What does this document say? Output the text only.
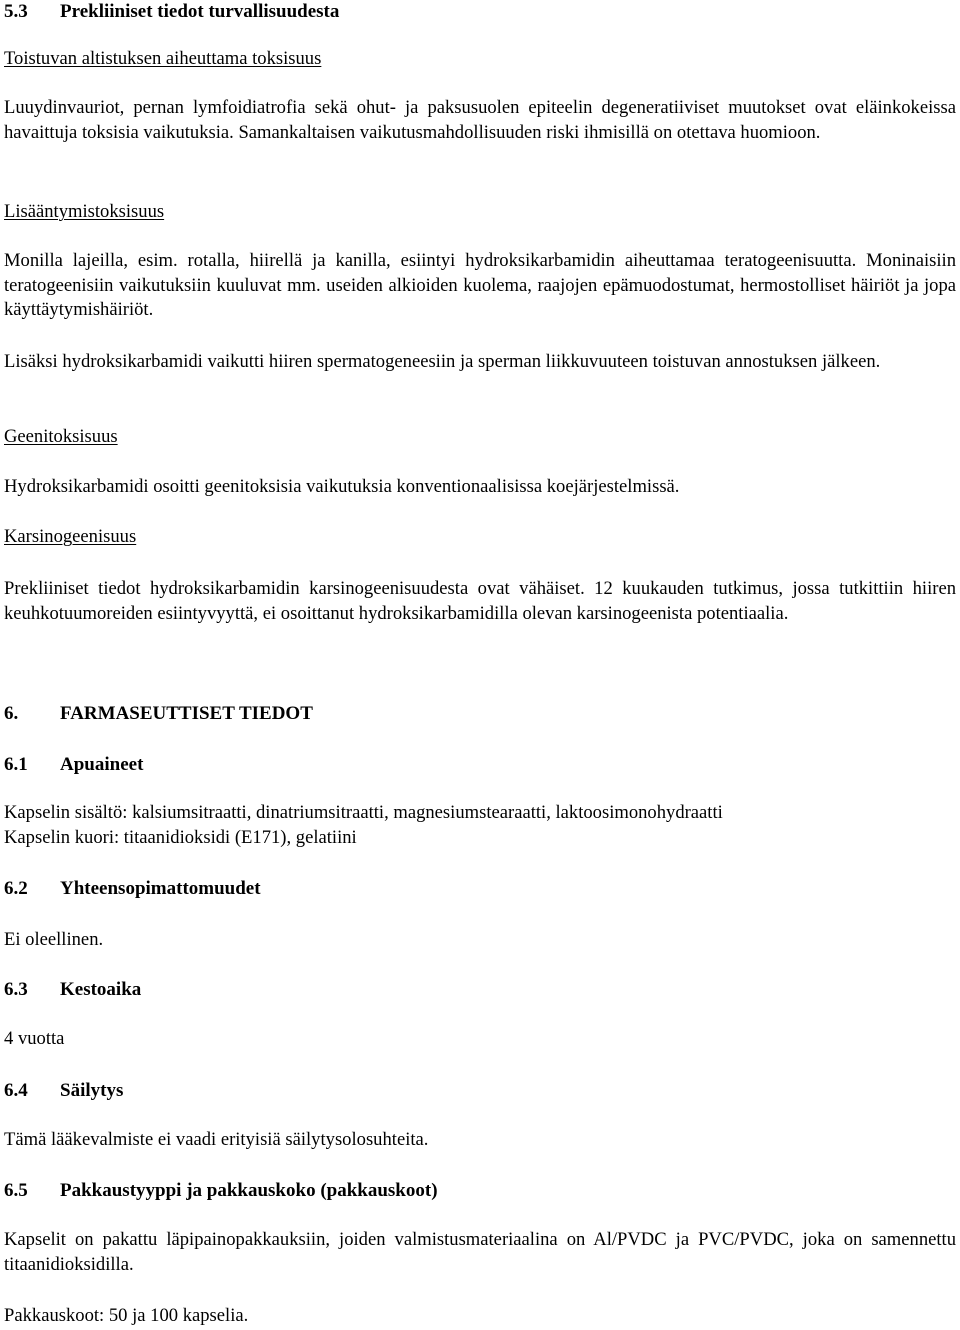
5.3 Prekliiniset tiedot turvallisuudesta
Toistuvan altistuksen aiheuttama toksisuus

Luuydinvauriot, pernan lymfoidiatrofia sekä ohut- ja paksusuolen epiteelin degeneratiiviset muutokset ovat eläinkokeissa havaittuja toksisia vaikutuksia. Samankaltaisen vaikutusmahdollisuuden riski ihmisillä on otettava huomioon.

Lisääntymistoksisuus

Monilla lajeilla, esim. rotalla, hiirellä ja kanilla, esiintyi hydroksikarbamidin aiheuttamaa teratogeenisuutta. Moninaisiin teratogeenisiin vaikutuksiin kuuluvat mm. useiden alkioiden kuolema, raajojen epämuodostumat, hermostolliset häiriöt ja jopa käyttäytymishäiriöt.

Lisäksi hydroksikarbamidi vaikutti hiiren spermatogeneesiin ja sperman liikkuvuuteen toistuvan annostuksen jälkeen.

Geenitoksisuus

Hydroksikarbamidi osoitti geenitoksisia vaikutuksia konventionaalisissa koejärjestelmissä.

Karsinogeenisuus

Prekliiniset tiedot hydroksikarbamidin karsinogeenisuudesta ovat vähäiset. 12 kuukauden tutkimus, jossa tutkittiin hiiren keuhkotuumoreiden esiintyvyyttä, ei osoittanut hydroksikarbamidilla olevan karsinogeenista potentiaalia.

6. FARMASEUTTISET TIEDOT
6.1 Apuaineet
Kapselin sisältö: kalsiumsitraatti, dinatriumsitraatti, magnesiumstearaatti, laktoosimonohydraatti
Kapselin kuori: titaanidioksidi (E171), gelatiini
6.2 Yhteensopimattomuudet
Ei oleellinen.
6.3 Kestoaika
4 vuotta
6.4 Säilytys
Tämä lääkevalmiste ei vaadi erityisiä säilytysolosuhteita.
6.5 Pakkaustyyppi ja pakkauskoko (pakkauskoot)

Kapselit on pakattu läpipainopakkauksiin, joiden valmistusmateriaalina on Al/PVDC ja PVC/PVDC, joka on samennettu titaanidioksidilla.

Pakkauskoot: 50 ja 100 kapselia.
